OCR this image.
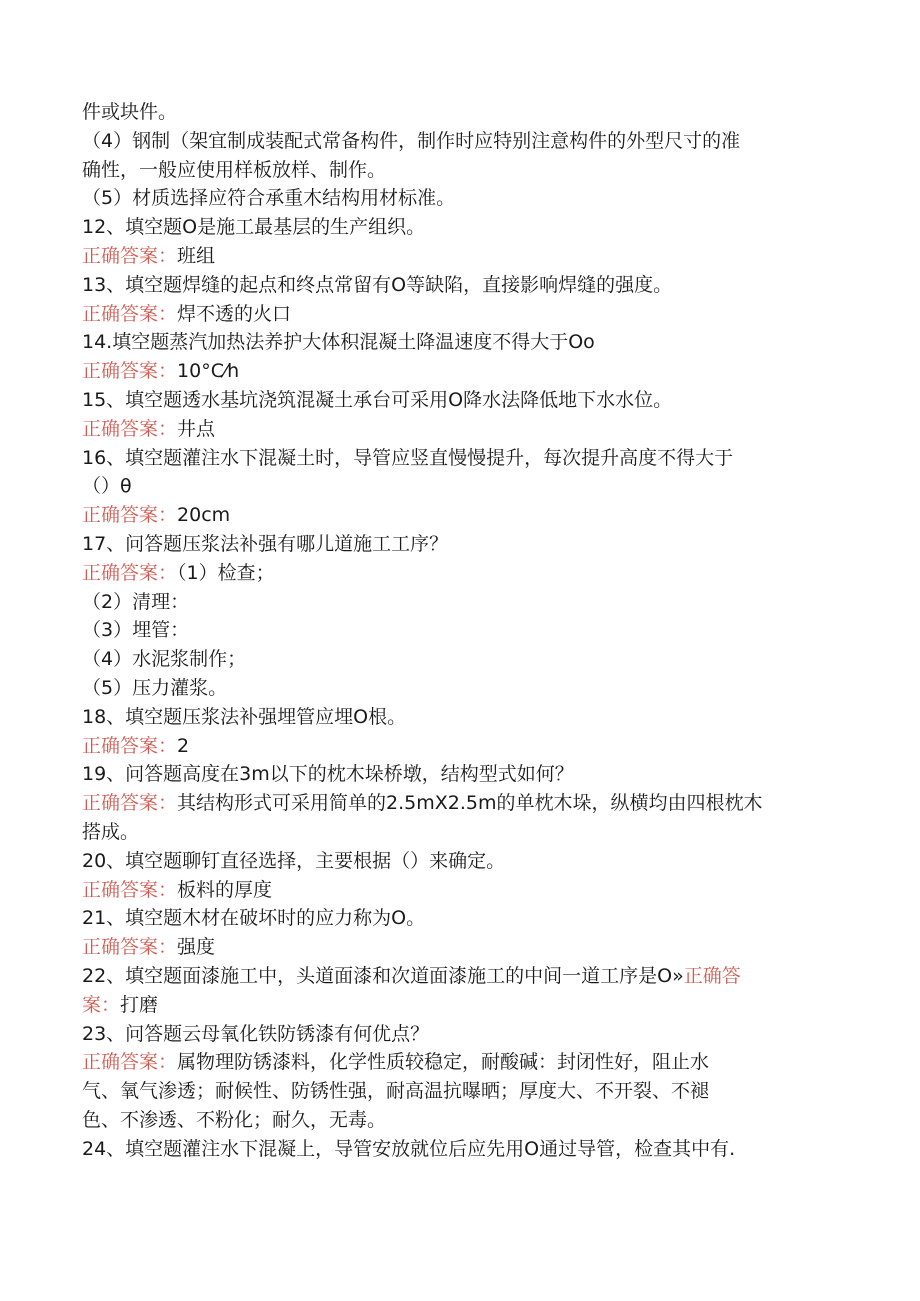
件或块件。
（4）钢制（架宜制成装配式常备构件，制作时应特别注意构件的外型尺寸的准
确性，一般应使用样板放样、制作。
（5）材质选择应符合承重木结构用材标准。
12、填空题O是施工最基层的生产组织。
正确答案：班组
13、填空题焊缝的起点和终点常留有O等缺陷，直接影响焊缝的强度。
正确答案：焊不透的火口
14.填空题蒸汽加热法养护大体积混凝土降温速度不得大于Oo
正确答案：10°C⁄h
15、填空题透水基坑浇筑混凝土承台可采用O降水法降低地下水水位。
正确答案：井点
16、填空题灌注水下混凝土时，导管应竖直慢慢提升，每次提升高度不得大于
（）θ
正确答案：20cm
17、问答题压浆法补强有哪儿道施工工序？
正确答案：（1）检查；
（2）清理：
（3）埋管：
（4）水泥浆制作；
（5）压力灌浆。
18、填空题压浆法补强埋管应埋O根。
正确答案：2
19、问答题高度在3m以下的枕木垛桥墩，结构型式如何？
正确答案：其结构形式可采用简单的2.5mX2.5m的单枕木垛，纵横均由四根枕木
搭成。
20、填空题聊钉直径选择，主要根据（）来确定。
正确答案：板料的厚度
21、填空题木材在破坏时的应力称为O。
正确答案：强度
22、填空题面漆施工中，头道面漆和次道面漆施工的中间一道工序是O»正确答
案：打磨
23、问答题云母氧化铁防锈漆有何优点？
正确答案：属物理防锈漆料，化学性质较稳定，耐酸碱：封闭性好，阻止水
气、氧气渗透；耐候性、防锈性强，耐高温抗曝晒；厚度大、不开裂、不褪
色、不渗透、不粉化；耐久，无毒。
24、填空题灌注水下混凝上，导管安放就位后应先用O通过导管，检查其中有.
